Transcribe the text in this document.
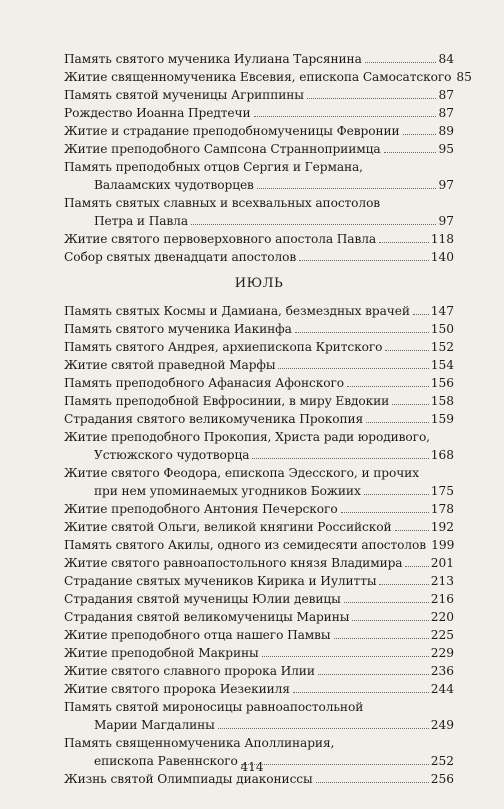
Память святого мученика Иулиана Тарсянина	84
Житие священномученика Евсевия, епископа Самосатского 85
Память святой мученицы Агриппины	87
Рождество Иоанна Предтечи	87
Житие и страдание преподобномученицы Февронии	89
Житие преподобного Сампсона Странноприимца	95
Память преподобных отцов Сергия и Германа,
Валаамских чудотворцев	97
Память святых славных и всехвальных апостолов
Петра и Павла	97
Житие святого первоверховного апостола Павла	118
Собор святых двенадцати апостолов	140
ИЮЛЬ
Память святых Космы и Дамиана, безмездных врачей 147
Память святого мученика Иакинфа	150
Память святого Андрея, архиепископа Критского	152
Житие святой праведной Марфы	154
Память преподобного Афанасия Афонского	156
Память преподобной Евфросинии, в миру Евдокии	158
Страдания святого великомученика Прокопия	159
Житие преподобного Прокопия, Христа ради юродивого,
Устюжского чудотворца	168
Житие святого Феодора, епископа Эдесского, и прочих
при нем упоминаемых угодников Божиих	175
Житие преподобного Антония Печерского	178
Житие святой Ольги, великой княгини Российской	192
Память святого Акилы, одного из семидесяти апостолов 199
Житие святого равноапостольного князя Владимира 201
Страдание святых мучеников Кирика и Иулитты	213
Страдания святой мученицы Юлии девицы	216
Страдания святой великомученицы Марины	220
Житие преподобного отца нашего Памвы	225
Житие преподобной Макрины	229
Житие святого славного пророка Илии	236
Житие святого пророка Иезекииля	244
Память святой мироносицы равноапостольной
Марии Магдалины	249
Память священномученика Аполлинария,
епископа Равеннского	252
Жизнь святой Олимпиады диакониссы	256
414
